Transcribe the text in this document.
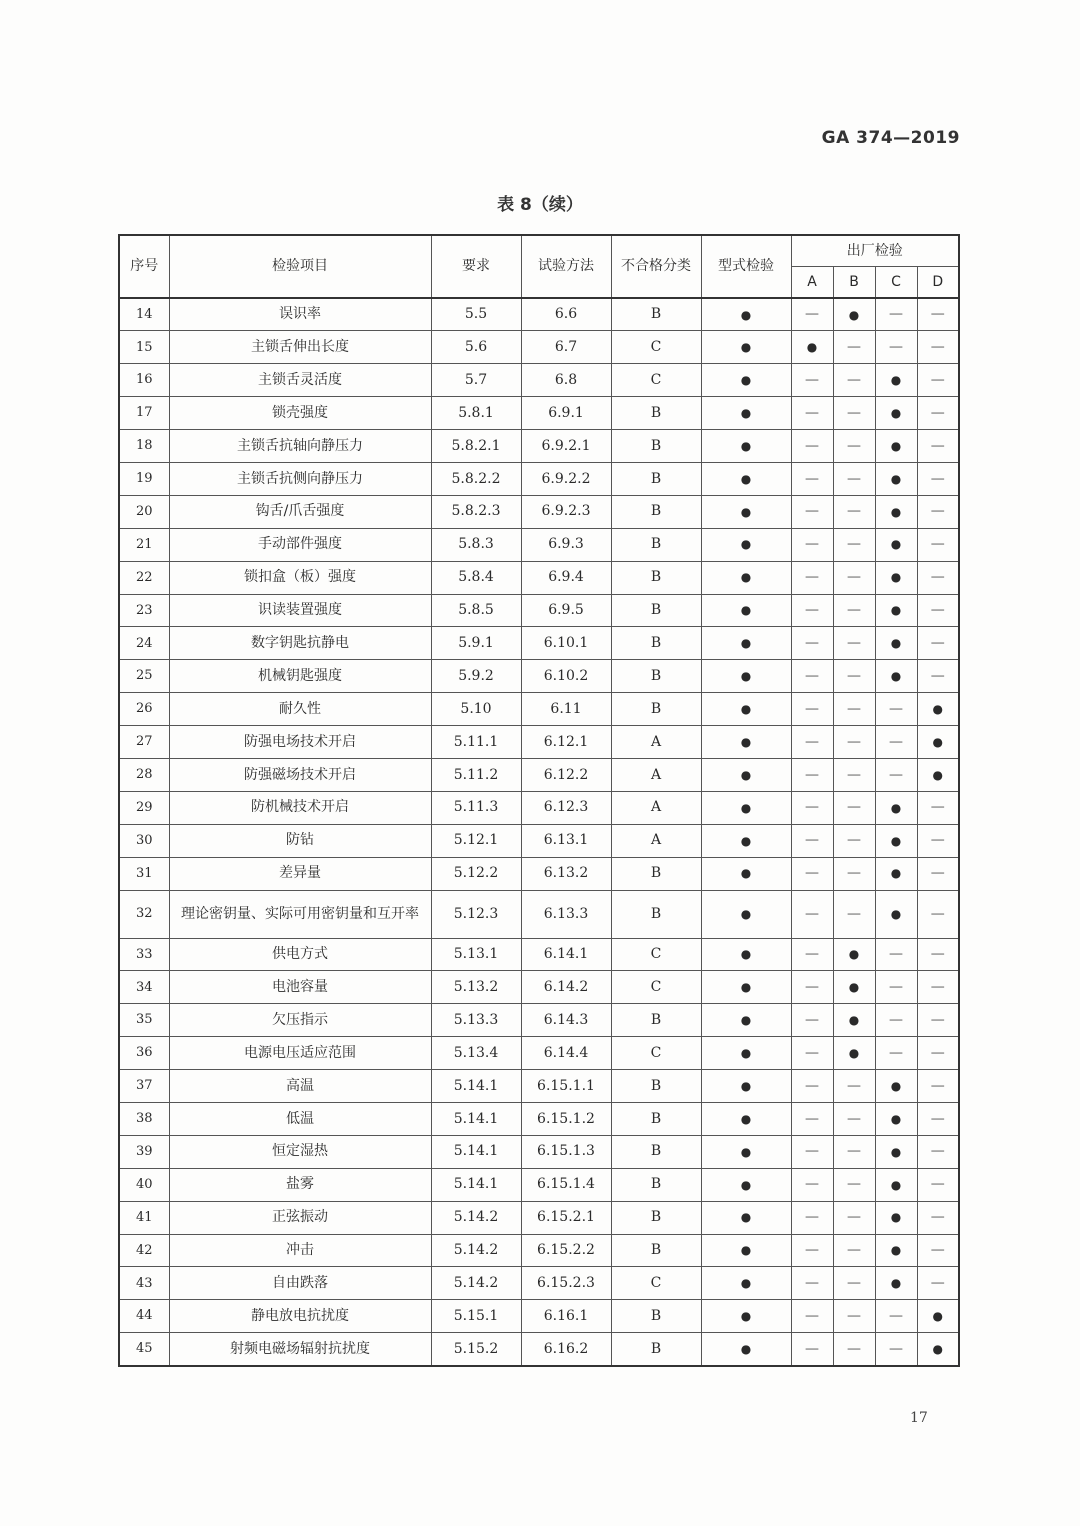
GA 374—2019
表 8（续）
序号	检验项目	要求	试验方法	不合格分类	型式检验	出厂检验			
						A	B	C	D
14	误识率	5.5	6.6	B	●	—	●	—	—
15	主锁舌伸出长度	5.6	6.7	C	●	●	—	—	—
16	主锁舌灵活度	5.7	6.8	C	●	—	—	●	—
17	锁壳强度	5.8.1	6.9.1	B	●	—	—	●	—
18	主锁舌抗轴向静压力	5.8.2.1	6.9.2.1	B	●	—	—	●	—
19	主锁舌抗侧向静压力	5.8.2.2	6.9.2.2	B	●	—	—	●	—
20	钩舌/爪舌强度	5.8.2.3	6.9.2.3	B	●	—	—	●	—
21	手动部件强度	5.8.3	6.9.3	B	●	—	—	●	—
22	锁扣盒（板）强度	5.8.4	6.9.4	B	●	—	—	●	—
23	识读装置强度	5.8.5	6.9.5	B	●	—	—	●	—
24	数字钥匙抗静电	5.9.1	6.10.1	B	●	—	—	●	—
25	机械钥匙强度	5.9.2	6.10.2	B	●	—	—	●	—
26	耐久性	5.10	6.11	B	●	—	—	—	●
27	防强电场技术开启	5.11.1	6.12.1	A	●	—	—	—	●
28	防强磁场技术开启	5.11.2	6.12.2	A	●	—	—	—	●
29	防机械技术开启	5.11.3	6.12.3	A	●	—	—	●	—
30	防钻	5.12.1	6.13.1	A	●	—	—	●	—
31	差异量	5.12.2	6.13.2	B	●	—	—	●	—
32	理论密钥量、实际可用密钥量和互开率	5.12.3	6.13.3	B	●	—	—	●	—
33	供电方式	5.13.1	6.14.1	C	●	—	●	—	—
34	电池容量	5.13.2	6.14.2	C	●	—	●	—	—
35	欠压指示	5.13.3	6.14.3	B	●	—	●	—	—
36	电源电压适应范围	5.13.4	6.14.4	C	●	—	●	—	—
37	高温	5.14.1	6.15.1.1	B	●	—	—	●	—
38	低温	5.14.1	6.15.1.2	B	●	—	—	●	—
39	恒定湿热	5.14.1	6.15.1.3	B	●	—	—	●	—
40	盐雾	5.14.1	6.15.1.4	B	●	—	—	●	—
41	正弦振动	5.14.2	6.15.2.1	B	●	—	—	●	—
42	冲击	5.14.2	6.15.2.2	B	●	—	—	●	—
43	自由跌落	5.14.2	6.15.2.3	C	●	—	—	●	—
44	静电放电抗扰度	5.15.1	6.16.1	B	●	—	—	—	●
45	射频电磁场辐射抗扰度	5.15.2	6.16.2	B	●	—	—	—	●
17
